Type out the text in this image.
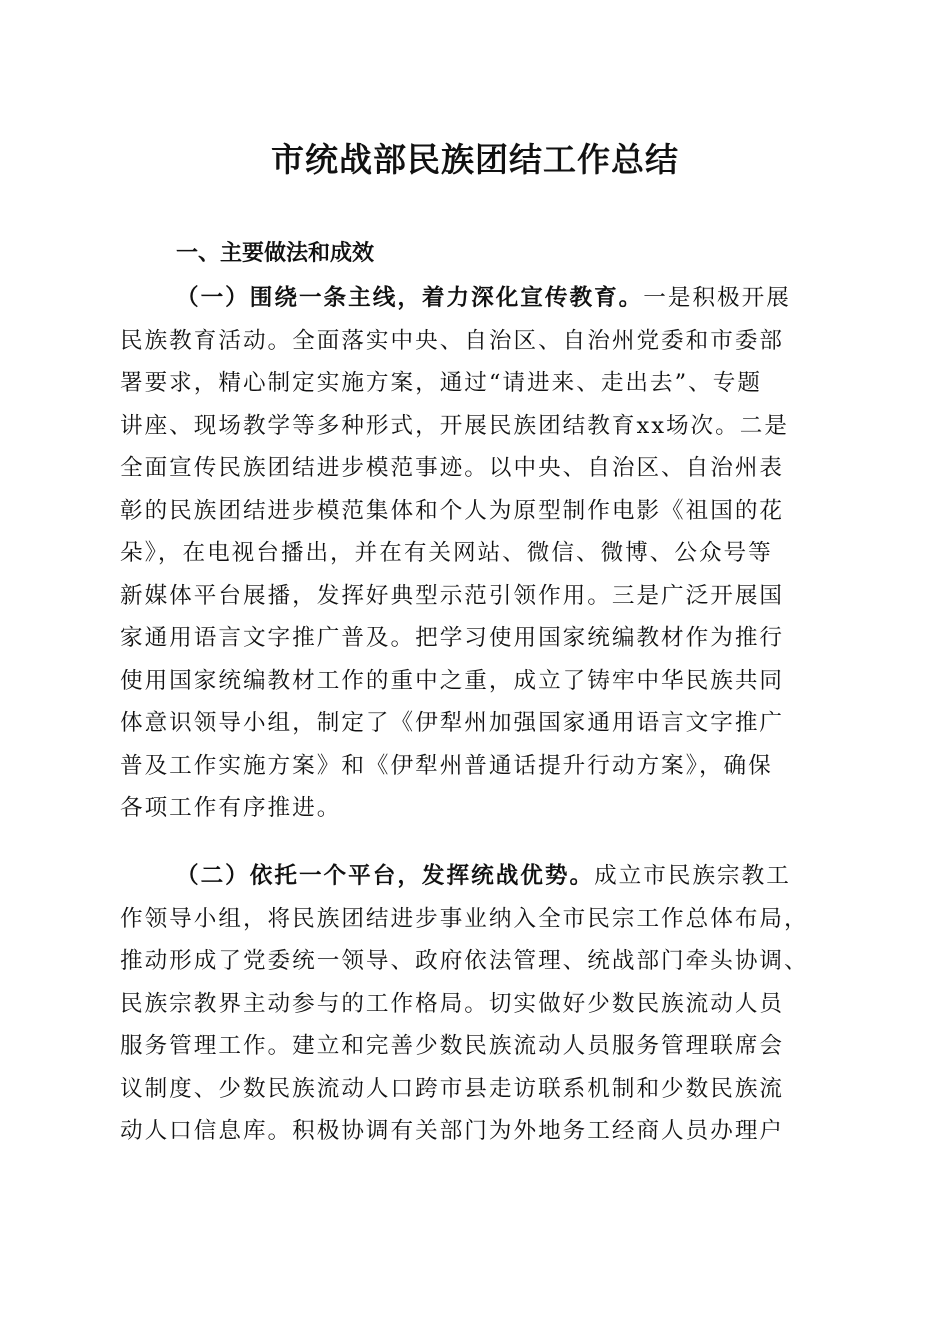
市统战部民族团结工作总结
一、主要做法和成效
（一）围绕一条主线，着力深化宣传教育。一是积极开展
民族教育活动。全面落实中央、自治区、自治州党委和市委部
署要求，精心制定实施方案，通过“请进来、走出去”、专题
讲座、现场教学等多种形式，开展民族团结教育xx场次。二是
全面宣传民族团结进步模范事迹。以中央、自治区、自治州表
彰的民族团结进步模范集体和个人为原型制作电影《祖国的花
朵》，在电视台播出，并在有关网站、微信、微博、公众号等
新媒体平台展播，发挥好典型示范引领作用。三是广泛开展国
家通用语言文字推广普及。把学习使用国家统编教材作为推行
使用国家统编教材工作的重中之重，成立了铸牢中华民族共同
体意识领导小组，制定了《伊犁州加强国家通用语言文字推广
普及工作实施方案》和《伊犁州普通话提升行动方案》，确保
各项工作有序推进。
（二）依托一个平台，发挥统战优势。成立市民族宗教工
作领导小组，将民族团结进步事业纳入全市民宗工作总体布局，
推动形成了党委统一领导、政府依法管理、统战部门牵头协调、
民族宗教界主动参与的工作格局。切实做好少数民族流动人员
服务管理工作。建立和完善少数民族流动人员服务管理联席会
议制度、少数民族流动人口跨市县走访联系机制和少数民族流
动人口信息库。积极协调有关部门为外地务工经商人员办理户
